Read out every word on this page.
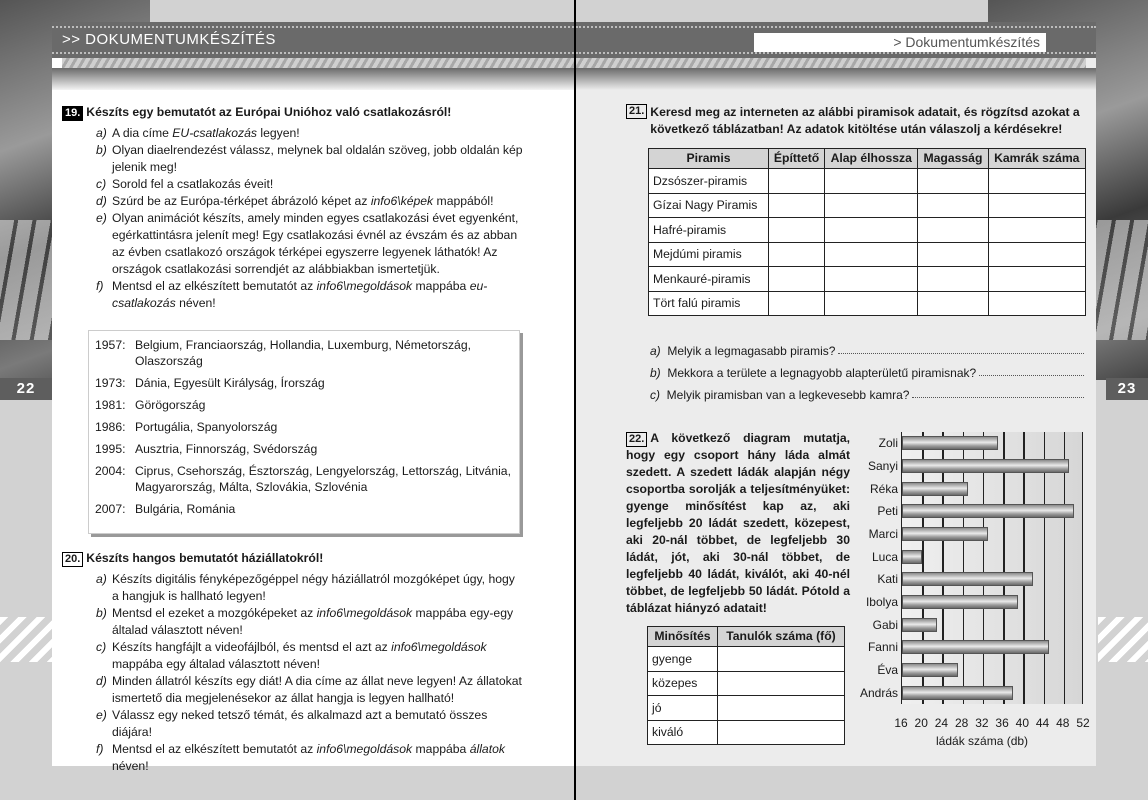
22	23
>> DOKUMENTUMKÉSZÍTÉS
19. Készíts egy bemutatót az Európai Unióhoz való csatlakozásról!
a) A dia címe EU-csatlakozás legyen!
b) Olyan diaelrendezést válassz, melynek bal oldalán szöveg, jobb oldalán kép jelenik meg!
c) Sorold fel a csatlakozás éveit!
d) Szúrd be az Európa-térképet ábrázoló képet az info6\képek mappából!
e) Olyan animációt készíts, amely minden egyes csatlakozási évet egyenként, egérkattintásra jelenít meg! Egy csatlakozási évnél az évszám és az abban az évben csatlakozó országok térképei egyszerre legyenek láthatók! Az országok csatlakozási sorrendjét az alábbiakban ismertetjük.
f) Mentsd el az elkészített bemutatót az info6\megoldások mappába eu-csatlakozás néven!
1957: Belgium, Franciaország, Hollandia, Luxemburg, Németország, Olaszország
1973: Dánia, Egyesült Királyság, Írország
1981: Görögország
1986: Portugália, Spanyolország
1995: Ausztria, Finnország, Svédország
2004: Ciprus, Csehország, Észtország, Lengyelország, Lettország, Litvánia, Magyarország, Málta, Szlovákia, Szlovénia
2007: Bulgária, Románia
20. Készíts hangos bemutatót háziállatokról!
a) Készíts digitális fényképezőgéppel négy háziállatról mozgóképet úgy, hogy a hangjuk is hallható legyen!
b) Mentsd el ezeket a mozgóképeket az info6\megoldások mappába egy-egy általad választott néven!
c) Készíts hangfájlt a videofájlból, és mentsd el azt az info6\megoldások mappába egy általad választott néven!
d) Minden állatról készíts egy diát! A dia címe az állat neve legyen! Az állatokat ismertető dia megjelenésekor az állat hangja is legyen hallható!
e) Válassz egy neked tetsző témát, és alkalmazd azt a bemutató összes diájára!
f) Mentsd el az elkészített bemutatót az info6\megoldások mappába állatok néven!
> Dokumentumkészítés
21. Keresd meg az interneten az alábbi piramisok adatait, és rögzítsd azokat a következő táblázatban! Az adatok kitöltése után válaszolj a kérdésekre!
Piramis	Építtető	Alap élhossza	Magasság	Kamrák száma
Dzsószer-piramis				
Gízai Nagy Piramis				
Hafré-piramis				
Mejdúmi piramis				
Menkauré-piramis				
Tört falú piramis				
a) Melyik a legmagasabb piramis?
b) Mekkora a területe a legnagyobb alapterületű piramisnak?
c) Melyik piramisban van a legkevesebb kamra?
22. A következő diagram mutatja, hogy egy csoport hány láda almát szedett. A szedett ládák alapján négy csoportba sorolják a teljesítményüket: gyenge minősítést kap az, aki legfeljebb 20 ládát szedett, közepest, aki 20-nál többet, de legfeljebb 30 ládát, jót, aki 30-nál többet, de legfeljebb 40 ládát, kiválót, aki 40-nél többet, de legfeljebb 50 ládát. Pótold a táblázat hiányzó adatait!
Minősítés	Tanulók száma (fő)
gyenge	
közepes	
jó	
kiváló	
ládák száma (db)
16 20 24 28 32 36 40 44 48 52
Zoli
Sanyi
Réka
Peti
Marci
Luca
Kati
Ibolya
Gabi
Fanni
Éva
András
